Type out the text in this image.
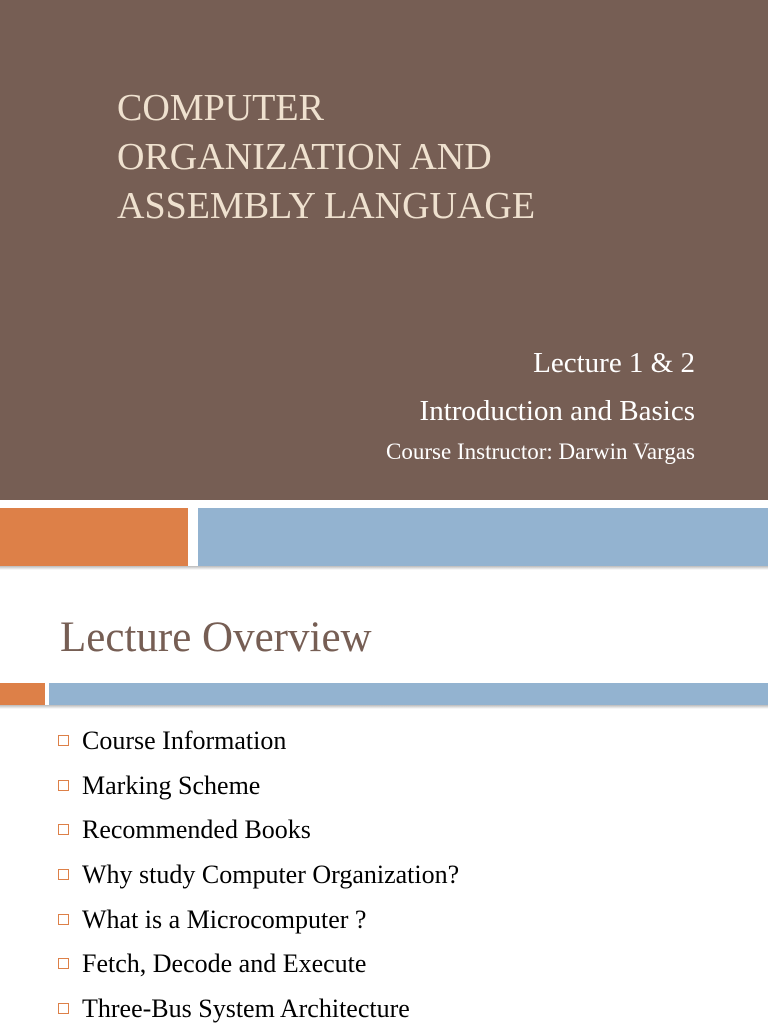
COMPUTER
ORGANIZATION AND
ASSEMBLY LANGUAGE
Lecture 1 & 2
Introduction and Basics
Course Instructor: Darwin Vargas
Lecture Overview
Course Information
Marking Scheme
Recommended Books
Why study Computer Organization?
What is a Microcomputer ?
Fetch, Decode and Execute
Three-Bus System Architecture
